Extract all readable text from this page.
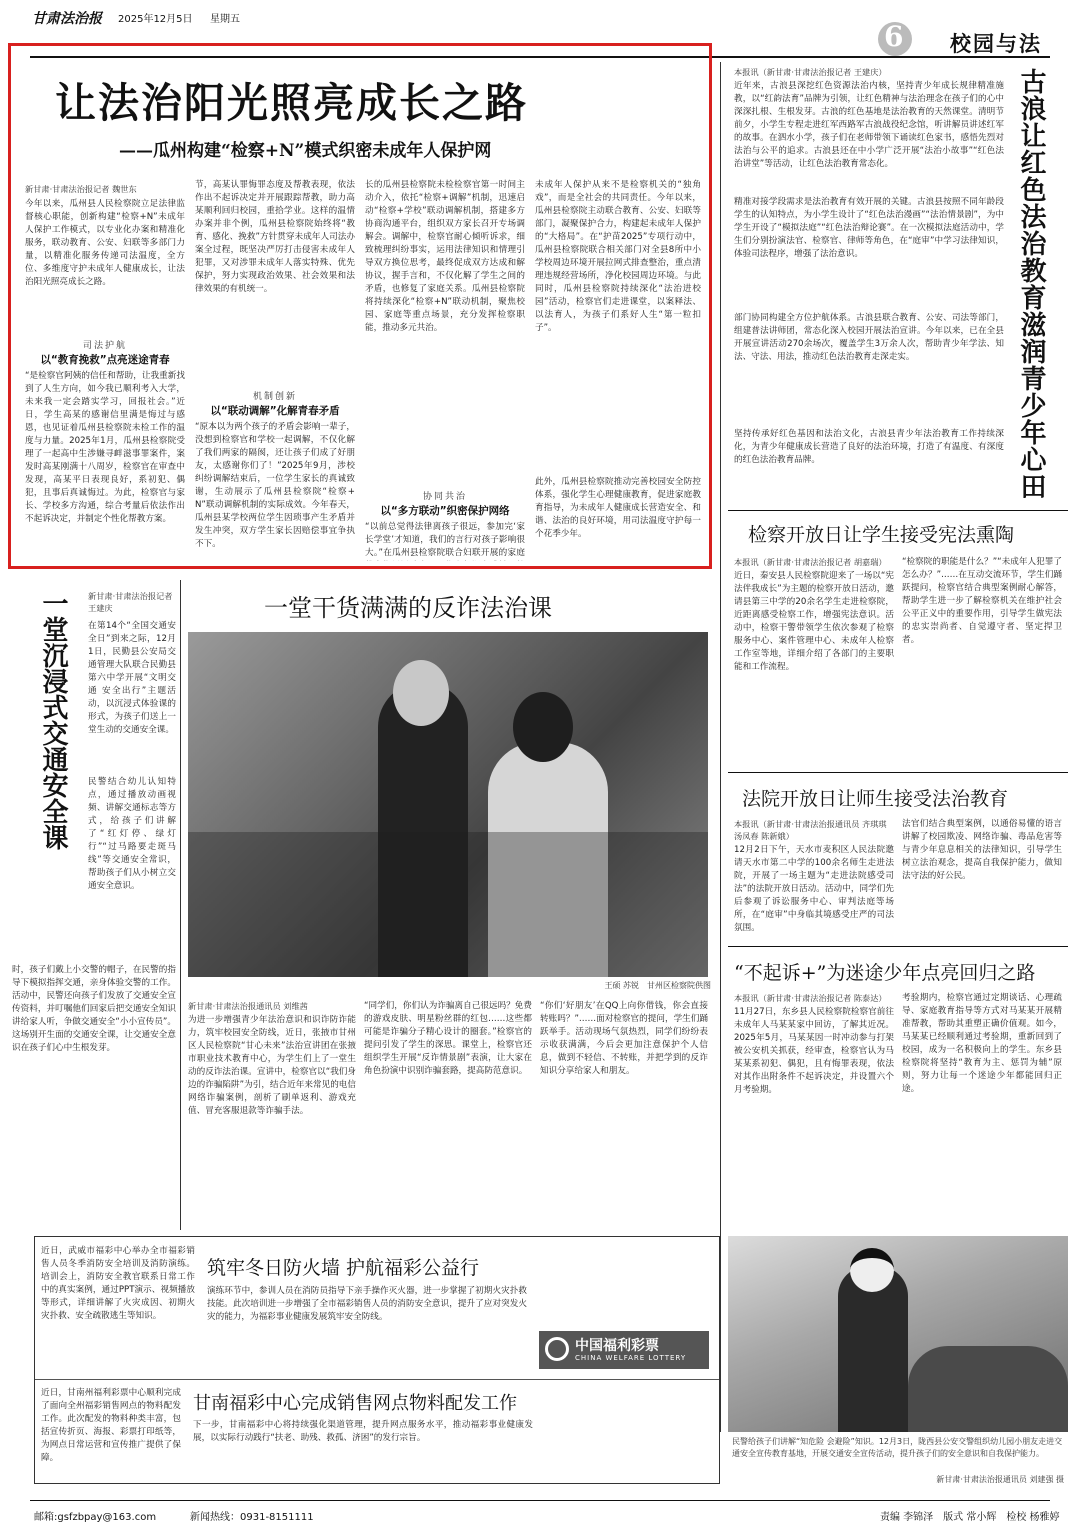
甘肃法治报 2025年12月5日 星期五
6 校园与法
让法治阳光照亮成长之路
——瓜州构建“检察+N”模式织密未成年人保护网
新甘肃·甘肃法治报记者 魏世东
今年以来，瓜州县人民检察院立足法律监督核心职能，创新构建“检察+N”未成年人保护工作模式，以专业化办案和精准化服务，联动教育、公安、妇联等多部门力量，以精准化服务传递司法温度，全方位、多维度守护未成年人健康成长，让法治阳光照亮成长之路。
司法护航
以“教育挽救”点亮迷途青春
“是检察官阿姨的信任和帮助，让我重新找到了人生方向，如今我已顺利考入大学，未来我一定会踏实学习，回报社会。”近日，学生高某的感谢信里满是悔过与感恩，也见证着瓜州县检察院未检工作的温度与力量。2025年1月，瓜州县检察院受理了一起高中生涉嫌寻衅滋事罪案件，案发时高某刚满十八周岁，检察官在审查中发现，高某平日表现良好，系初犯、偶犯，且事后真诚悔过。为此，检察官与家长、学校多方沟通，综合考量后依法作出不起诉决定，并制定个性化帮教方案。
节，高某认罪悔罪态度及帮教表现，依法作出不起诉决定并开展跟踪帮教，助力高某顺利回归校园，重拾学业。这样的温情办案并非个例，瓜州县检察院始终将“教育、感化、挽救”方针贯穿未成年人司法办案全过程，既坚决严厉打击侵害未成年人犯罪，又对涉罪未成年人落实特殊、优先保护，努力实现政治效果、社会效果和法律效果的有机统一。
机制创新
以“联动调解”化解青春矛盾
“原本以为两个孩子的矛盾会影响一辈子，没想到检察官和学校一起调解，不仅化解了我们两家的隔阂，还让孩子们成了好朋友，太感谢你们了！”2025年9月，涉校纠纷调解结束后，一位学生家长的真诚致谢，生动展示了瓜州县检察院“检察+N”联动调解机制的实际成效。今年春天，瓜州县某学校两位学生因琐事产生矛盾并发生冲突，双方学生家长因赔偿事宜争执不下。
长的瓜州县检察院未检检察官第一时间主动介入，依托“检察+调解”机制，迅速启动“检察+学校”联动调解机制，搭建多方协商沟通平台，组织双方家长召开专场调解会。调解中，检察官耐心倾听诉求，细致梳理纠纷事实，运用法律知识和情理引导双方换位思考，最终促成双方达成和解协议，握手言和，不仅化解了学生之间的矛盾，也修复了家庭关系。瓜州县检察院将持续深化“检察+N”联动机制，聚焦校园、家庭等重点场景，充分发挥检察职能，推动多元共治。
协同共治
以“多方联动”织密保护网络
“以前总觉得法律离孩子很远，参加完‘家长学堂’才知道，我们的言行对孩子影响很大。”在瓜州县检察院联合妇联开展的家庭
未成年人保护从来不是检察机关的“独角戏”，而是全社会的共同责任。今年以来，瓜州县检察院主动联合教育、公安、妇联等部门，凝聚保护合力，构建起未成年人保护的“大格局”。在“护苗2025”专项行动中，瓜州县检察院联合相关部门对全县8所中小学校周边环境开展拉网式排查整治，重点清理违规经营场所，净化校园周边环境。与此同时，瓜州县检察院持续深化“法治进校园”活动，检察官们走进课堂，以案释法、以法育人，为孩子们系好人生“第一粒扣子”。
此外，瓜州县检察院推动完善校园安全防控体系，强化学生心理健康教育，促进家庭教育指导，为未成年人健康成长营造安全、和谐、法治的良好环境，用司法温度守护每一个花季少年。
本报讯（新甘肃·甘肃法治报记者 王建庆）
近年来，古浪县深挖红色资源法治内核，坚持青少年成长规律精准施教，以“红韵法育”品牌为引领，让红色精神与法治理念在孩子们的心中深深扎根、生根发芽。古浪的红色基地是法治教育的天然课堂。清明节前夕，小学生专程走进红军西路军古浪战役纪念馆，听讲解员讲述红军的故事。在泗水小学，孩子们在老师带领下诵读红色家书，感悟先烈对法治与公平的追求。古浪县还在中小学广泛开展“法治小故事”“红色法治讲堂”等活动，让红色法治教育常态化。
精准对接学段需求是法治教育有效开展的关键。古浪县按照不同年龄段学生的认知特点，为小学生设计了“红色法治漫画”“法治情景剧”，为中学生开设了“模拟法庭”“红色法治辩论赛”。在一次模拟法庭活动中，学生们分别扮演法官、检察官、律师等角色，在“庭审”中学习法律知识，体验司法程序，增强了法治意识。
部门协同构建全方位护航体系。古浪县联合教育、公安、司法等部门，组建普法讲师团，常态化深入校园开展法治宣讲。今年以来，已在全县开展宣讲活动270余场次，覆盖学生3万余人次，帮助青少年学法、知法、守法、用法，推动红色法治教育走深走实。
坚持传承好红色基因和法治文化，古浪县青少年法治教育工作持续深化，为青少年健康成长营造了良好的法治环境，打造了有温度、有深度的红色法治教育品牌。	古浪让红色法治教育滋润青少年心田
检察开放日让学生接受宪法熏陶
本报讯（新甘肃·甘肃法治报记者 胡嘉瑞）
近日，秦安县人民检察院迎来了一场以“宪法伴我成长”为主题的检察开放日活动，邀请县第三中学的20余名学生走进检察院，近距离感受检察工作，增强宪法意识。活动中，检察干警带领学生依次参观了检察服务中心、案件管理中心、未成年人检察工作室等地，详细介绍了各部门的主要职能和工作流程。
“检察院的职能是什么？”“未成年人犯罪了怎么办？”……在互动交流环节，学生们踊跃提问，检察官结合典型案例耐心解答，帮助学生进一步了解检察机关在维护社会公平正义中的重要作用，引导学生做宪法的忠实崇尚者、自觉遵守者、坚定捍卫者。
法院开放日让师生接受法治教育
本报讯（新甘肃·甘肃法治报通讯员 齐琪琪 汤凤春 陈新娥）
12月2日下午，天水市麦积区人民法院邀请天水市第二中学的100余名师生走进法院，开展了一场主题为“走进法院感受司法”的法院开放日活动。活动中，同学们先后参观了诉讼服务中心、审判法庭等场所，在“庭审”中身临其境感受庄严的司法氛围。
法官们结合典型案例，以通俗易懂的语言讲解了校园欺凌、网络诈骗、毒品危害等与青少年息息相关的法律知识，引导学生树立法治观念，提高自我保护能力，做知法守法的好公民。
“不起诉+”为迷途少年点亮回归之路
本报讯（新甘肃·甘肃法治报记者 陈泰达）
11月27日，东乡县人民检察院检察官前往未成年人马某某家中回访，了解其近况。2025年5月，马某某因一时冲动参与打架被公安机关抓获，经审查，检察官认为马某某系初犯、偶犯，且有悔罪表现，依法对其作出附条件不起诉决定，并设置六个月考验期。
考验期内，检察官通过定期谈话、心理疏导、家庭教育指导等方式对马某某开展精准帮教，帮助其重塑正确价值观。如今，马某某已经顺利通过考验期，重新回到了校园，成为一名积极向上的学生。东乡县检察院将坚持“教育为主、惩罚为辅”原则，努力让每一个迷途少年都能回归正途。
一堂沉浸式交通安全课 新甘肃·甘肃法治报记者 王建庆
在第14个“全国交通安全日”到来之际，12月1日，民勤县公安局交通管理大队联合民勤县第六中学开展“文明交通 安全出行”主题活动，以沉浸式体验课的形式，为孩子们送上一堂生动的交通安全课。
民警结合幼儿认知特点，通过播放动画视频、讲解交通标志等方式，给孩子们讲解了“红灯停、绿灯行”“过马路要走斑马线”等交通安全常识，帮助孩子们从小树立交通安全意识。
时，孩子们戴上小交警的帽子，在民警的指导下模拟指挥交通，亲身体验交警的工作。活动中，民警还向孩子们发放了交通安全宣传资料，并叮嘱他们回家后把交通安全知识讲给家人听，争做交通安全“小小宣传员”。这场别开生面的交通安全课，让交通安全意识在孩子们心中生根发芽。
一堂干货满满的反诈法治课
王硕 苏锐　甘州区检察院供图
新甘肃·甘肃法治报通讯员 刘维茜
为进一步增强青少年法治意识和识诈防诈能力，筑牢校园安全防线，近日，张掖市甘州区人民检察院“甘心未来”法治宣讲团在张掖市职业技术教育中心，为学生们上了一堂生动的反诈法治课。宣讲中，检察官以“我们身边的诈骗陷阱”为引，结合近年来常见的电信网络诈骗案例，剖析了刷单返利、游戏充值、冒充客服退款等诈骗手法。
“同学们，你们认为诈骗离自己很远吗？免费的游戏皮肤、明星粉丝群的红包……这些都可能是诈骗分子精心设计的圈套。”检察官的提问引发了学生的深思。课堂上，检察官还组织学生开展“反诈情景剧”表演，让大家在角色扮演中识别诈骗套路，提高防范意识。
“你们‘好朋友’在QQ上向你借钱，你会直接转账吗？”……面对检察官的提问，学生们踊跃举手。活动现场气氛热烈，同学们纷纷表示收获满满，今后会更加注意保护个人信息，做到不轻信、不转账，并把学到的反诈知识分享给家人和朋友。
筑牢冬日防火墙 护航福彩公益行
近日，武威市福彩中心举办全市福彩销售人员冬季消防安全培训及消防演练。培训会上，消防安全教官联系日常工作中的真实案例，通过PPT演示、视频播放等形式，详细讲解了火灾成因、初期火灾扑救、安全疏散逃生等知识。
演练环节中，参训人员在消防员指导下亲手操作灭火器，进一步掌握了初期火灾扑救技能。此次培训进一步增强了全市福彩销售人员的消防安全意识，提升了应对突发火灾的能力，为福彩事业健康发展筑牢安全防线。
中国福利彩票
CHINA WELFARE LOTTERY
甘南福彩中心完成销售网点物料配发工作
近日，甘南州福利彩票中心顺利完成了面向全州福彩销售网点的物料配发工作。此次配发的物料种类丰富，包括宣传折页、海报、彩票打印纸等，为网点日常运营和宣传推广提供了保障。
下一步，甘南福彩中心将持续强化渠道管理，提升网点服务水平，推动福彩事业健康发展，以实际行动践行“扶老、助残、救孤、济困”的发行宗旨。	民警给孩子们讲解“知危险 会避险”知识。12月3日，陇西县公安交警组织幼儿园小朋友走进交通安全宣传教育基地，开展交通安全宣传活动，提升孩子们的安全意识和自我保护能力。
新甘肃·甘肃法治报通讯员 刘建强 摄
邮箱:gsfzbpay@163.com	新闻热线：0931-8151111	责编 李锦泽　版式 常小辉　检校 杨雅婷
